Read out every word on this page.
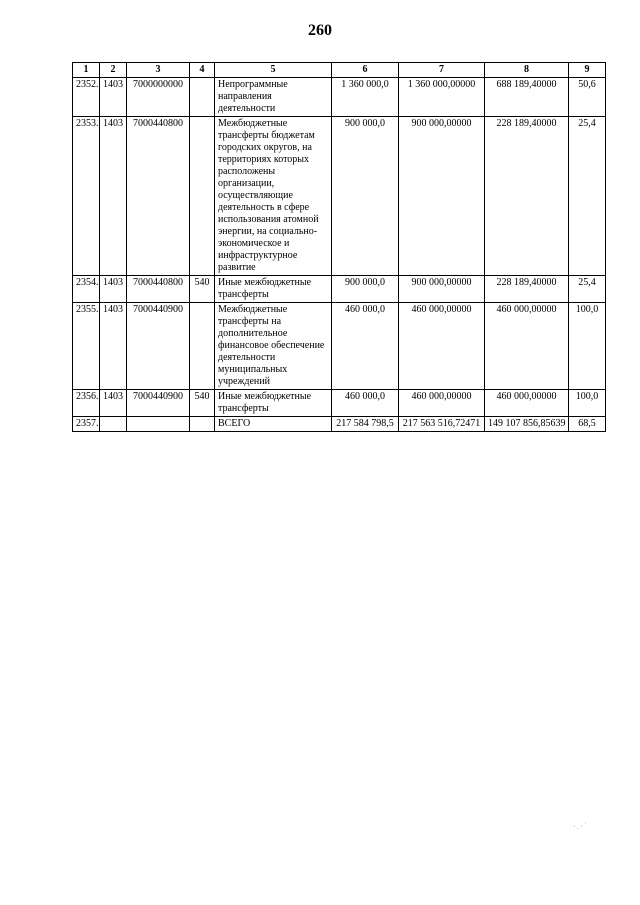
260
1	2	3	4	5	6	7	8	9
2352.	1403	7000000000		Непрограммные направления деятельности	1 360 000,0	1 360 000,00000	688 189,40000	50,6
2353.	1403	7000440800		Межбюджетные трансферты бюджетам городских округов, на территориях которых расположены организации, осуществляющие деятельность в сфере использования атомной энергии, на социально-экономическое и инфраструктурное развитие	900 000,0	900 000,00000	228 189,40000	25,4
2354.	1403	7000440800	540	Иные межбюджетные трансферты	900 000,0	900 000,00000	228 189,40000	25,4
2355.	1403	7000440900		Межбюджетные трансферты на дополнительное финансовое обеспечение деятельности муниципальных учреждений	460 000,0	460 000,00000	460 000,00000	100,0
2356.	1403	7000440900	540	Иные межбюджетные трансферты	460 000,0	460 000,00000	460 000,00000	100,0
2357.				ВСЕГО	217 584 798,5	217 563 516,72471	149 107 856,85639	68,5
·.·˙
